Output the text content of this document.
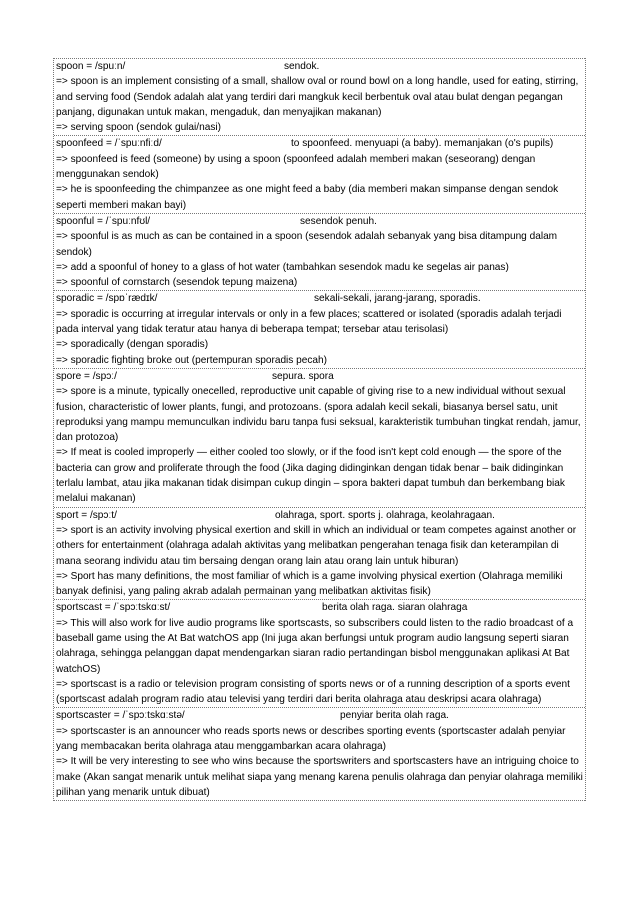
spoon = /spuːn/	sendok.
=> spoon is an implement consisting of a small, shallow oval or round bowl on a long handle, used for eating, stirring, and serving food (Sendok adalah alat yang terdiri dari mangkuk kecil berbentuk oval atau bulat dengan pegangan panjang, digunakan untuk makan, mengaduk, dan menyajikan makanan)
=> serving spoon (sendok gulai/nasi)
spoonfeed = /ˈspuːnfiːd/	to spoonfeed. menyuapi (a baby). memanjakan (o's pupils)
=> spoonfeed is feed (someone) by using a spoon (spoonfeed adalah memberi makan (seseorang) dengan menggunakan sendok)
=> he is spoonfeeding the chimpanzee as one might feed a baby (dia memberi makan simpanse dengan sendok seperti memberi makan bayi)
spoonful = /ˈspuːnfʊl/	sesendok penuh.
=> spoonful is as much as can be contained in a spoon (sesendok adalah sebanyak yang bisa ditampung dalam sendok)
=> add a spoonful of honey to a glass of hot water (tambahkan sesendok madu ke segelas air panas)
=> spoonful of cornstarch (sesendok tepung maizena)
sporadic = /spɒˈrædɪk/	sekali-sekali, jarang-jarang, sporadis.
=> sporadic is occurring at irregular intervals or only in a few places; scattered or isolated (sporadis adalah terjadi pada interval yang tidak teratur atau hanya di beberapa tempat; tersebar atau terisolasi)
=> sporadically (dengan sporadis)
=> sporadic fighting broke out (pertempuran sporadis pecah)
spore = /spɔː/	sepura. spora
=> spore is a minute, typically onecelled, reproductive unit capable of giving rise to a new individual without sexual fusion, characteristic of lower plants, fungi, and protozoans. (spora adalah kecil sekali, biasanya bersel satu, unit reproduksi yang mampu memunculkan individu baru tanpa fusi seksual, karakteristik tumbuhan tingkat rendah, jamur, dan protozoa)
=> If meat is cooled improperly — either cooled too slowly, or if the food isn't kept cold enough — the spore of the bacteria can grow and proliferate through the food (Jika daging didinginkan dengan tidak benar – baik didinginkan terlalu lambat, atau jika makanan tidak disimpan cukup dingin – spora bakteri dapat tumbuh dan berkembang biak melalui makanan)
sport = /spɔːt/	olahraga, sport. sports j. olahraga, keolahragaan.
=> sport is an activity involving physical exertion and skill in which an individual or team competes against another or others for entertainment (olahraga adalah aktivitas yang melibatkan pengerahan tenaga fisik dan keterampilan di mana seorang individu atau tim bersaing dengan orang lain atau orang lain untuk hiburan)
=> Sport has many definitions, the most familiar of which is a game involving physical exertion (Olahraga memiliki banyak definisi, yang paling akrab adalah permainan yang melibatkan aktivitas fisik)
sportscast = /ˈspɔːtskɑːst/	berita olah raga. siaran olahraga
=> This will also work for live audio programs like sportscasts, so subscribers could listen to the radio broadcast of a baseball game using the At Bat watchOS app (Ini juga akan berfungsi untuk program audio langsung seperti siaran olahraga, sehingga pelanggan dapat mendengarkan siaran radio pertandingan bisbol menggunakan aplikasi At Bat watchOS)
=> sportscast is a radio or television program consisting of sports news or of a running description of a sports event (sportscast adalah program radio atau televisi yang terdiri dari berita olahraga atau deskripsi acara olahraga)
sportscaster = /ˈspɔːtskɑːstə/	penyiar berita olah raga.
=> sportscaster is an announcer who reads sports news or describes sporting events (sportscaster adalah penyiar yang membacakan berita olahraga atau menggambarkan acara olahraga)
=> It will be very interesting to see who wins because the sportswriters and sportscasters have an intriguing choice to make (Akan sangat menarik untuk melihat siapa yang menang karena penulis olahraga dan penyiar olahraga memiliki pilihan yang menarik untuk dibuat)
